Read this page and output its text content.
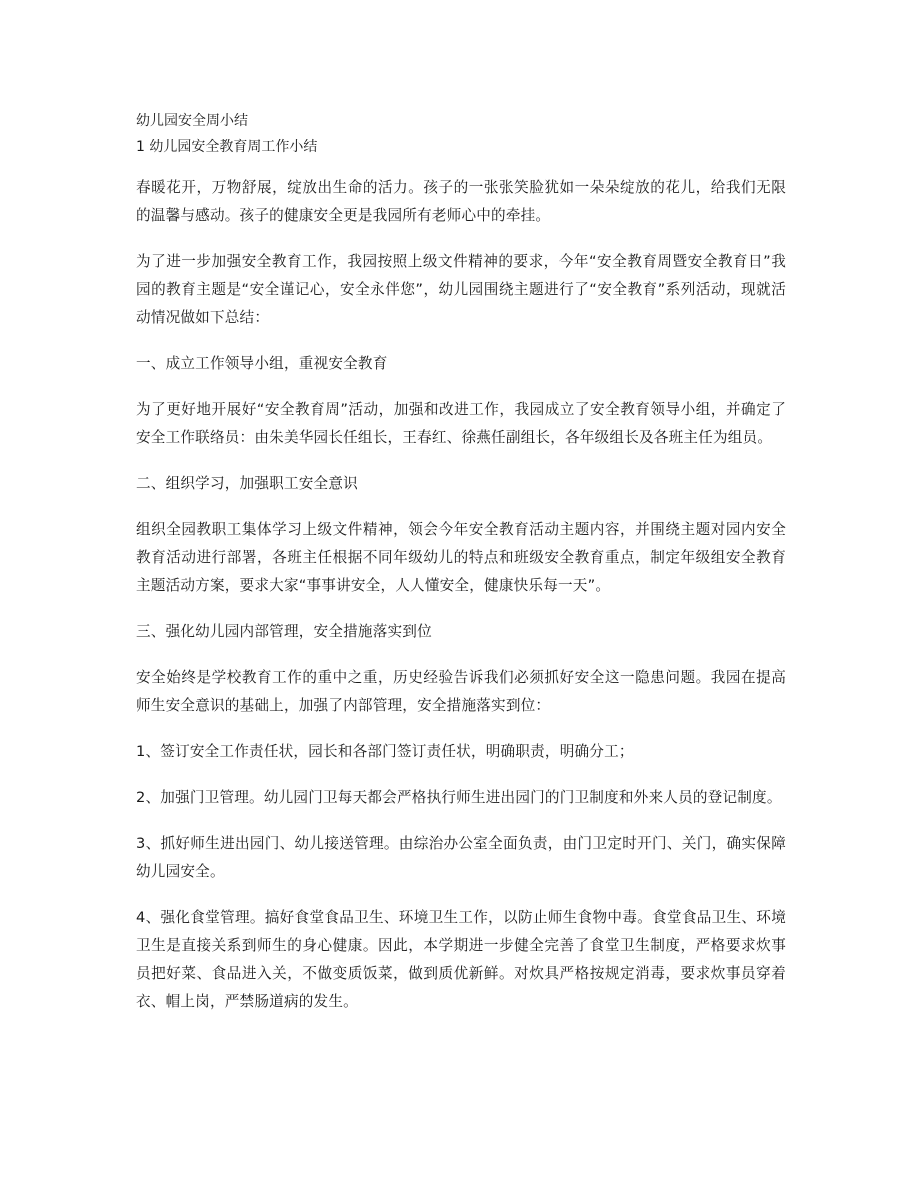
幼儿园安全周小结
1 幼儿园安全教育周工作小结

春暖花开，万物舒展，绽放出生命的活力。孩子的一张张笑脸犹如一朵朵绽放的花儿，给我们无限的温馨与感动。孩子的健康安全更是我园所有老师心中的牵挂。

为了进一步加强安全教育工作，我园按照上级文件精神的要求，今年“安全教育周暨安全教育日”我园的教育主题是“安全谨记心，安全永伴您”，幼儿园围绕主题进行了“安全教育”系列活动，现就活动情况做如下总结：

一、成立工作领导小组，重视安全教育

为了更好地开展好“安全教育周”活动，加强和改进工作，我园成立了安全教育领导小组，并确定了安全工作联络员：由朱美华园长任组长，王春红、徐燕任副组长，各年级组长及各班主任为组员。

二、组织学习，加强职工安全意识

组织全园教职工集体学习上级文件精神，领会今年安全教育活动主题内容，并围绕主题对园内安全教育活动进行部署，各班主任根据不同年级幼儿的特点和班级安全教育重点，制定年级组安全教育主题活动方案，要求大家“事事讲安全，人人懂安全，健康快乐每一天”。

三、强化幼儿园内部管理，安全措施落实到位

安全始终是学校教育工作的重中之重，历史经验告诉我们必须抓好安全这一隐患问题。我园在提高师生安全意识的基础上，加强了内部管理，安全措施落实到位：

1、签订安全工作责任状，园长和各部门签订责任状，明确职责，明确分工；

2、加强门卫管理。幼儿园门卫每天都会严格执行师生进出园门的门卫制度和外来人员的登记制度。

3、抓好师生进出园门、幼儿接送管理。由综治办公室全面负责，由门卫定时开门、关门，确实保障幼儿园安全。

4、强化食堂管理。搞好食堂食品卫生、环境卫生工作，以防止师生食物中毒。食堂食品卫生、环境卫生是直接关系到师生的身心健康。因此，本学期进一步健全完善了食堂卫生制度，严格要求炊事员把好菜、食品进入关，不做变质饭菜，做到质优新鲜。对炊具严格按规定消毒，要求炊事员穿着衣、帽上岗，严禁肠道病的发生。
